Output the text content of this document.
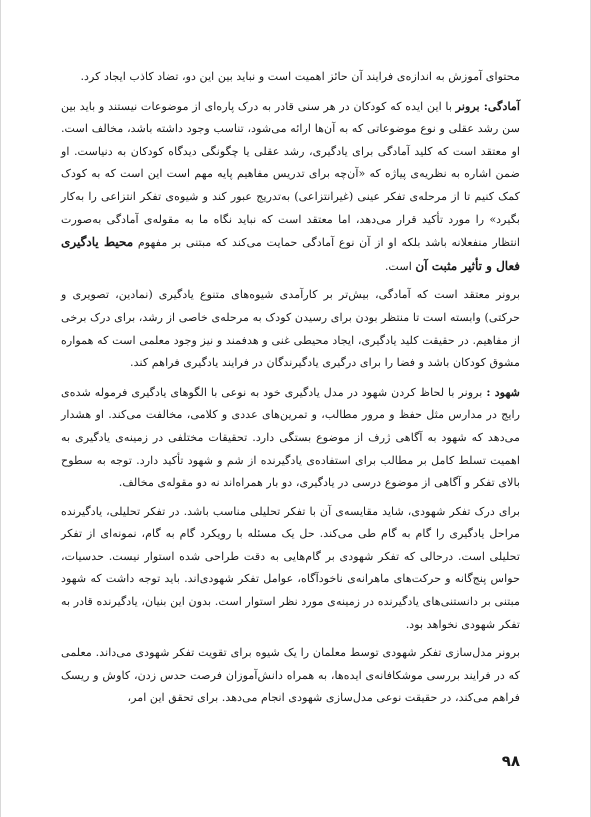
محتوای آموزش به اندازه‌ی فرایند آن حائز اهمیت است و نباید بین این دو، تضاد کاذب ایجاد کرد.

آمادگی: برونر با این ایده که کودکان در هر سنی قادر به درک پاره‌ای از موضوعات نیستند و باید بین سن رشد عقلی و نوع موضوعاتی که به آن‌ها ارائه می‌شود، تناسب وجود داشته باشد، مخالف است. او معتقد است که کلید آمادگی برای یادگیری، رشد عقلی یا چگونگی دیدگاه کودکان به دنیاست. او ضمن اشاره به نظریه‌ی پیاژه که «آن‌چه برای تدریس مفاهیم پایه مهم است این است که به کودک کمک کنیم تا از مرحله‌ی تفکر عینی (غیرانتزاعی) به‌تدریج عبور کند و شیوه‌ی تفکر انتزاعی را به‌کار بگیرد» را مورد تأکید قرار می‌دهد، اما معتقد است که نباید نگاه ما به مقوله‌ی آمادگی به‌صورت انتظار منفعلانه باشد بلکه او از آن نوع آمادگی حمایت می‌کند که مبتنی بر مفهوم محیط یادگیری فعال و تأثیر مثبت آن است.

برونر معتقد است که آمادگی، بیش‌تر بر کارآمدی شیوه‌های متنوع یادگیری (نمادین، تصویری و حرکتی) وابسته است تا منتظر بودن برای رسیدن کودک به مرحله‌ی خاصی از رشد، برای درک برخی از مفاهیم. در حقیقت کلید یادگیری، ایجاد محیطی غنی و هدفمند و نیز وجود معلمی است که همواره مشوق کودکان باشد و فضا را برای درگیری یادگیرندگان در فرایند یادگیری فراهم کند.

شهود : برونر با لحاظ کردن شهود در مدل یادگیری خود به نوعی با الگوهای یادگیری فرموله شده‌ی رایج در مدارس مثل حفظ و مرور مطالب، و تمرین‌های عددی و کلامی، مخالفت می‌کند. او هشدار می‌دهد که شهود به آگاهی ژرف از موضوع بستگی دارد. تحقیقات مختلفی در زمینه‌ی یادگیری به اهمیت تسلط کامل بر مطالب برای استفاده‌ی یادگیرنده از شم و شهود تأکید دارد. توجه به سطوح بالای تفکر و آگاهی از موضوع درسی در یادگیری، دو بار همراه‌اند نه دو مقوله‌ی مخالف.

برای درک تفکر شهودی، شاید مقایسه‌ی آن با تفکر تحلیلی مناسب باشد. در تفکر تحلیلی، یادگیرنده مراحل یادگیری را گام به گام طی می‌کند. حل یک مسئله با رویکرد گام به گام، نمونه‌ای از تفکر تحلیلی است. درحالی که تفکر شهودی بر گام‌هایی به دقت طراحی شده استوار نیست. حدسیات، حواس پنج‌گانه و حرکت‌های ماهرانه‌ی ناخودآگاه، عوامل تفکر شهودی‌اند. باید توجه داشت که شهود مبتنی بر دانستنی‌های یادگیرنده در زمینه‌ی مورد نظر استوار است. بدون این بنیان، یادگیرنده قادر به تفکر شهودی نخواهد بود.

برونر مدل‌سازی تفکر شهودی توسط معلمان را یک شیوه برای تقویت تفکر شهودی می‌داند. معلمی که در فرایند بررسی موشکافانه‌ی ایده‌ها، به همراه دانش‌آموزان فرصت حدس زدن، کاوش و ریسک فراهم می‌کند، در حقیقت نوعی مدل‌سازی شهودی انجام می‌دهد. برای تحقق این امر،

۹۸
